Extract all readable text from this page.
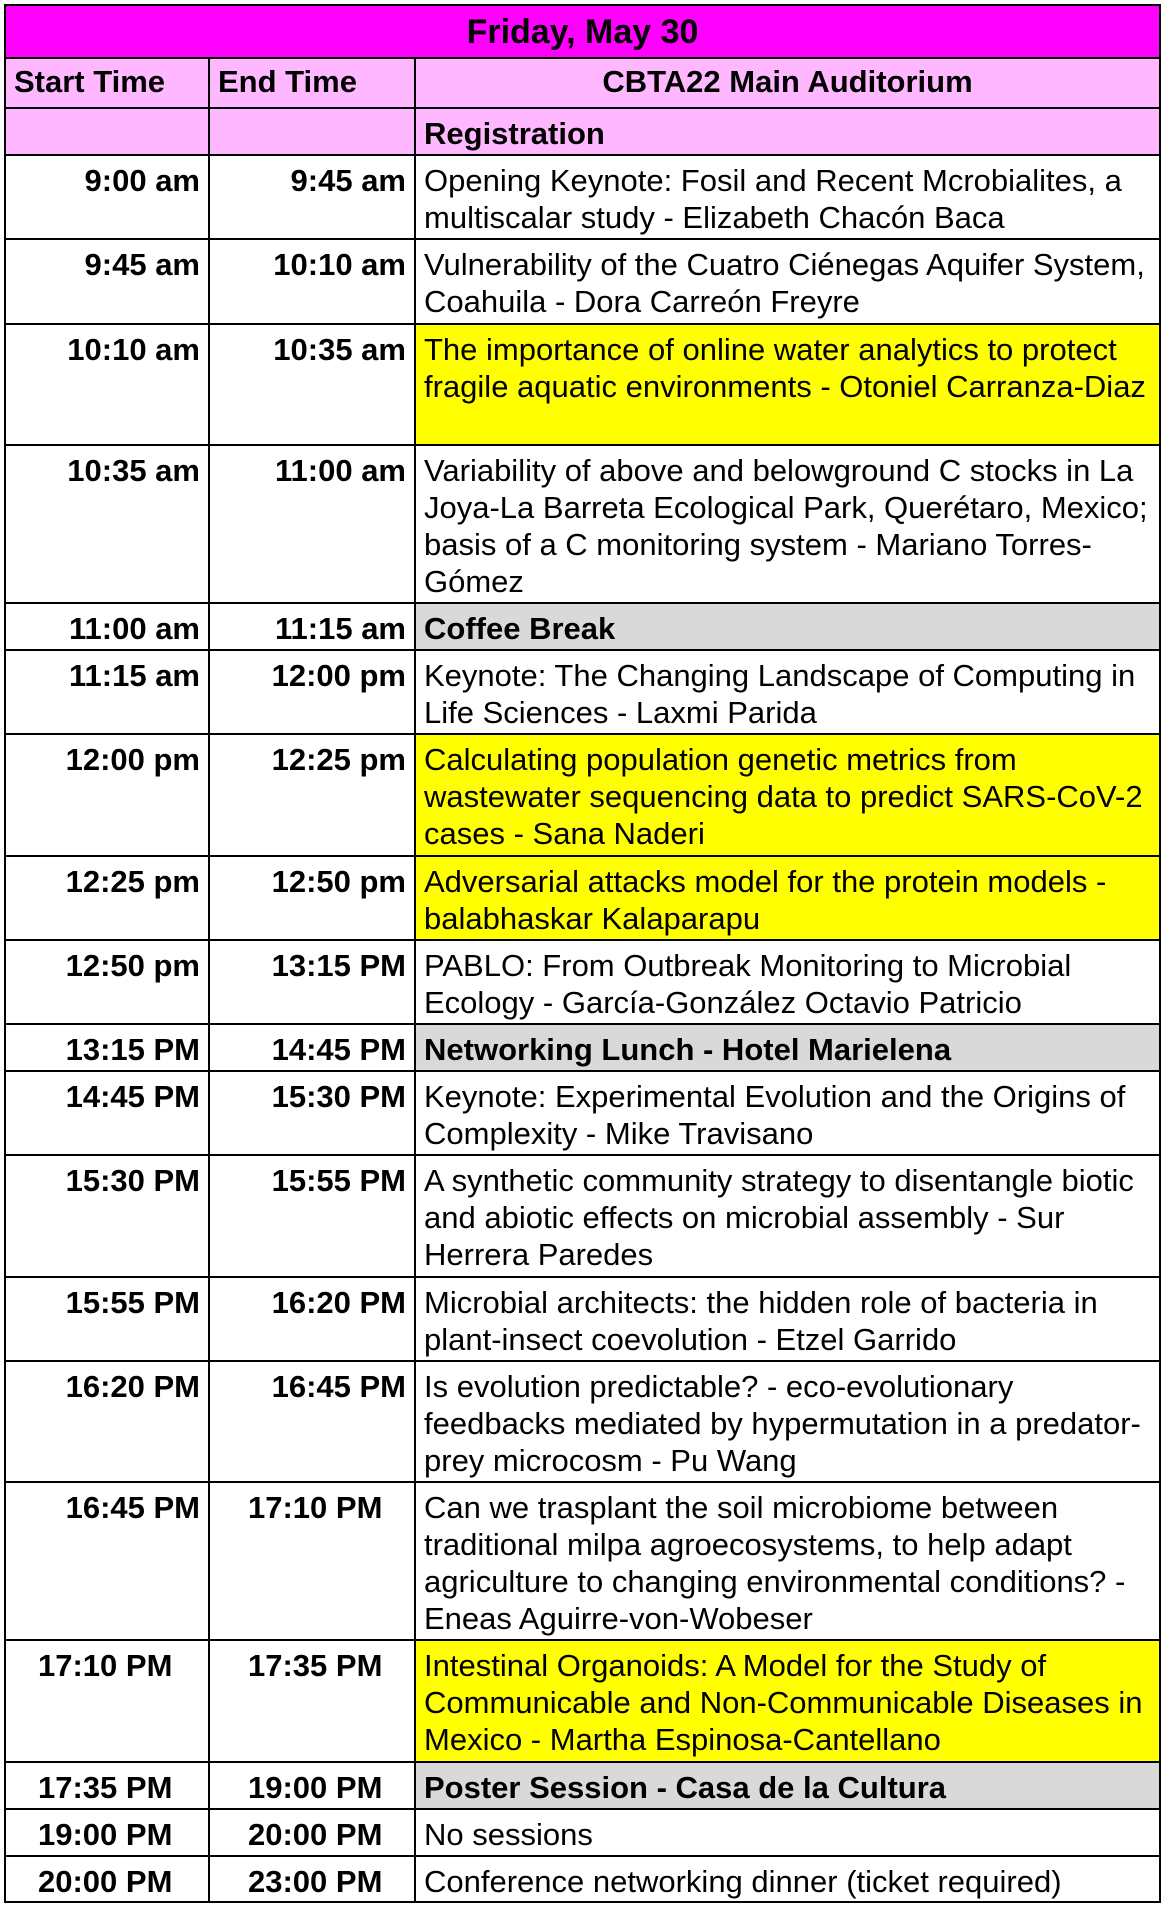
Friday, May 30		
Start Time	End Time	CBTA22 Main Auditorium
		Registration
9:00 am	9:45 am	Opening Keynote: Fosil and Recent Mcrobialites, a multiscalar study - Elizabeth Chacón Baca
9:45 am	10:10 am	Vulnerability of the Cuatro Ciénegas Aquifer System, Coahuila - Dora Carreón Freyre
10:10 am	10:35 am	The importance of online water analytics to protect fragile aquatic environments - Otoniel Carranza-Diaz
10:35 am	11:00 am	Variability of above and belowground C stocks in La Joya-La Barreta Ecological Park, Querétaro, Mexico; basis of a C monitoring system - Mariano Torres-Gómez
11:00 am	11:15 am	Coffee Break
11:15 am	12:00 pm	Keynote: The Changing Landscape of Computing in Life Sciences - Laxmi Parida
12:00 pm	12:25 pm	Calculating population genetic metrics from wastewater sequencing data to predict SARS-CoV-2 cases - Sana Naderi
12:25 pm	12:50 pm	Adversarial attacks model for the protein models - balabhaskar Kalaparapu
12:50 pm	13:15 PM	PABLO: From Outbreak Monitoring to Microbial Ecology - García-González Octavio Patricio
13:15 PM	14:45 PM	Networking Lunch - Hotel Marielena
14:45 PM	15:30 PM	Keynote: Experimental Evolution and the Origins of Complexity - Mike Travisano
15:30 PM	15:55 PM	A synthetic community strategy to disentangle biotic and abiotic effects on microbial assembly - Sur Herrera Paredes
15:55 PM	16:20 PM	Microbial architects: the hidden role of bacteria in plant-insect coevolution - Etzel Garrido
16:20 PM	16:45 PM	Is evolution predictable? - eco-evolutionary feedbacks mediated by hypermutation in a predator-prey microcosm - Pu Wang
16:45 PM	17:10 PM	Can we trasplant the soil microbiome between traditional milpa agroecosystems, to help adapt agriculture to changing environmental conditions? - Eneas Aguirre-von-Wobeser
17:10 PM	17:35 PM	Intestinal Organoids: A Model for the Study of Communicable and Non-Communicable Diseases in Mexico - Martha Espinosa-Cantellano
17:35 PM	19:00 PM	Poster Session - Casa de la Cultura
19:00 PM	20:00 PM	No sessions
20:00 PM	23:00 PM	Conference networking dinner (ticket required)
